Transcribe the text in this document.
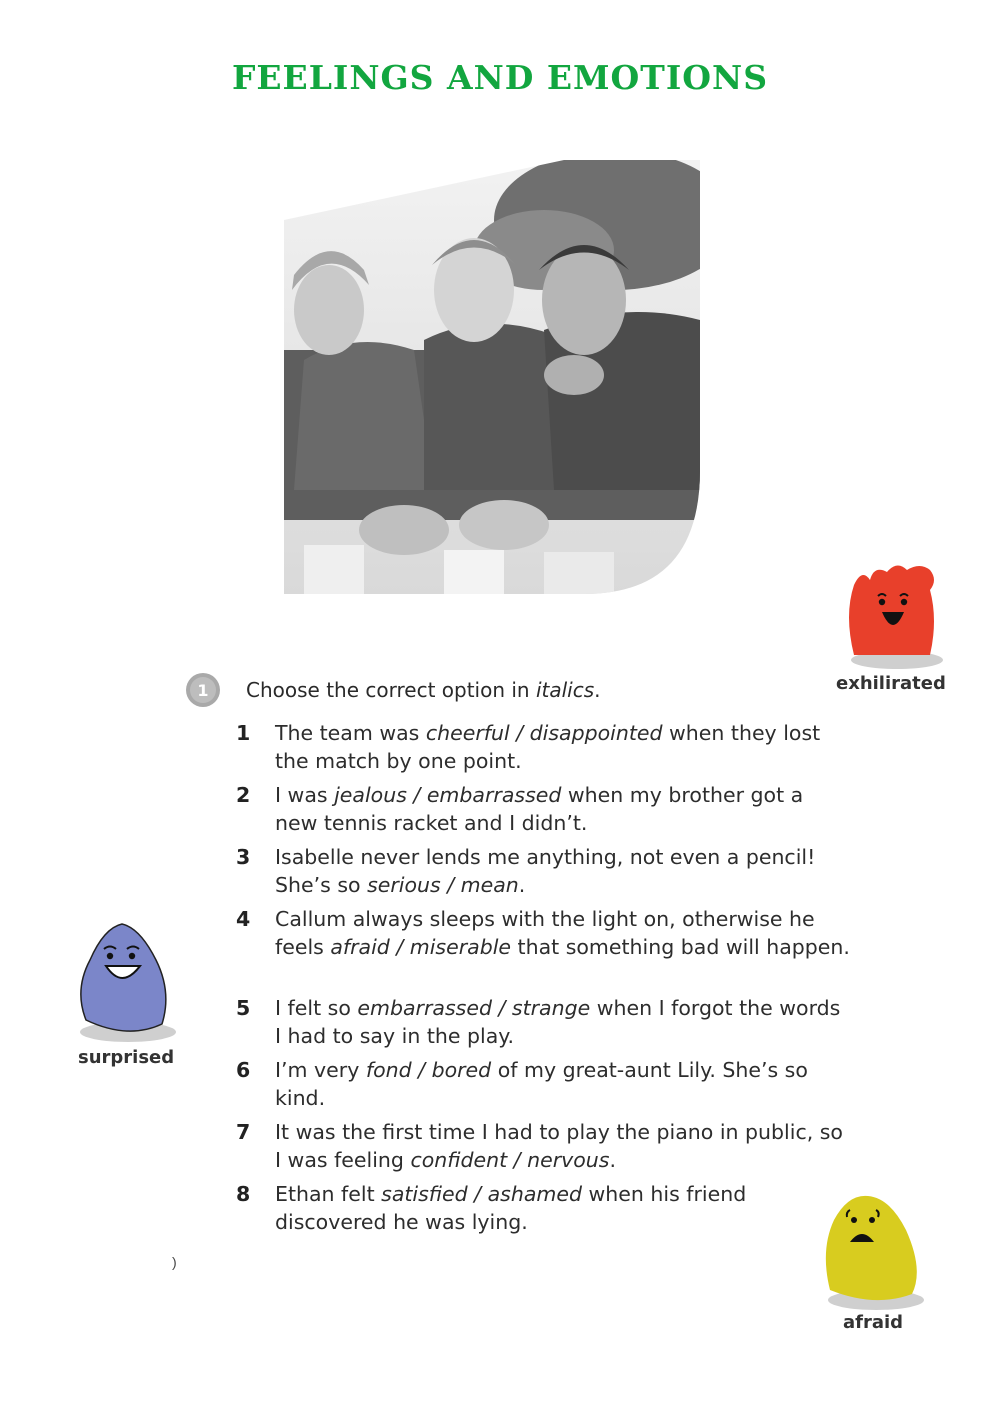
FEELINGS AND EMOTIONS
exhilirated
surprised
afraid
1 Choose the correct option in italics.
1	The team was cheerful / disappointed when they lost the match by one point.
2	I was jealous / embarrassed when my brother got a new tennis racket and I didn’t.
3	Isabelle never lends me anything, not even a pencil! She’s so serious / mean.
4	Callum always sleeps with the light on, otherwise he feels afraid / miserable that something bad will happen.
5	I felt so embarrassed / strange when I forgot the words I had to say in the play.
6	I’m very fond / bored of my great-aunt Lily. She’s so kind.
7	It was the first time I had to play the piano in public, so I was feeling confident / nervous.
8	Ethan felt satisfied / ashamed when his friend discovered he was lying.
)
